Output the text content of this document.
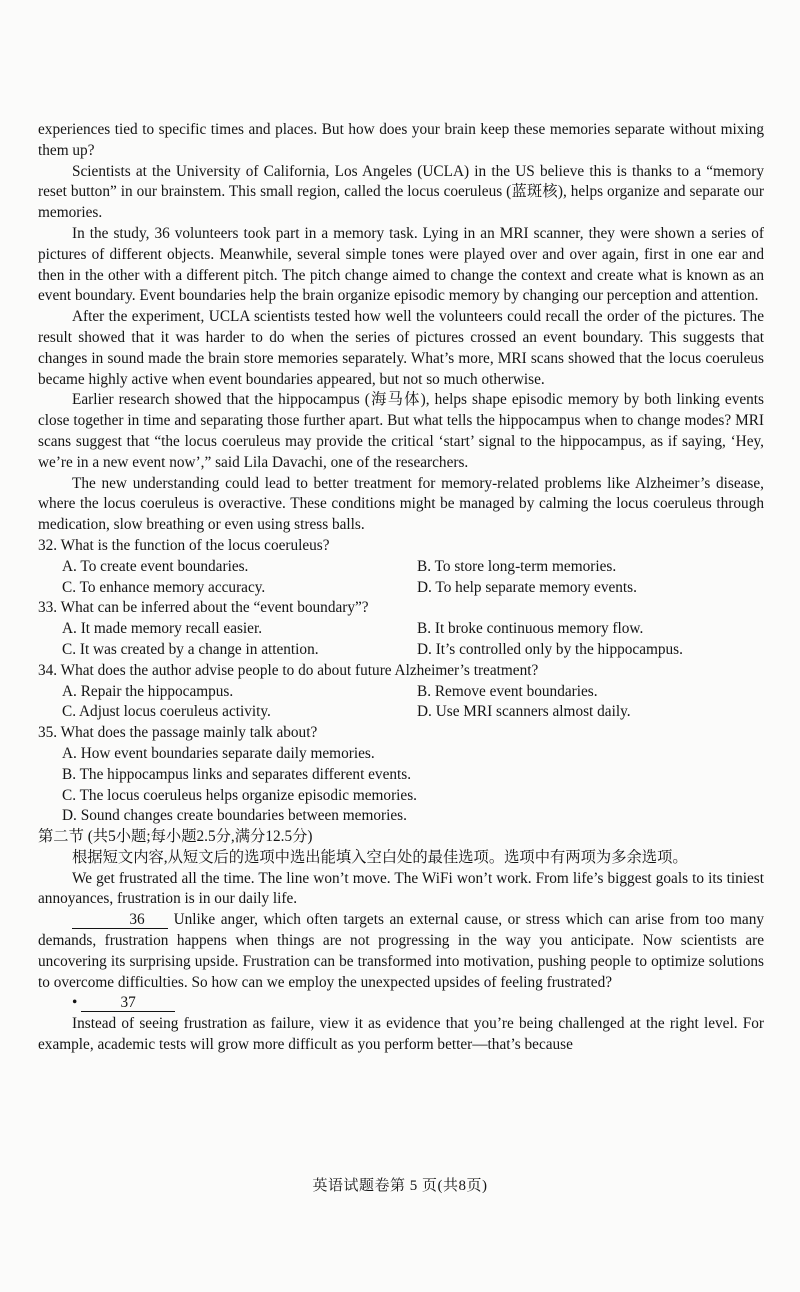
experiences tied to specific times and places. But how does your brain keep these memories separate without mixing them up?

Scientists at the University of California, Los Angeles (UCLA) in the US believe this is thanks to a “memory reset button” in our brainstem. This small region, called the locus coeruleus (蓝斑核), helps organize and separate our memories.

In the study, 36 volunteers took part in a memory task. Lying in an MRI scanner, they were shown a series of pictures of different objects. Meanwhile, several simple tones were played over and over again, first in one ear and then in the other with a different pitch. The pitch change aimed to change the context and create what is known as an event boundary. Event boundaries help the brain organize episodic memory by changing our perception and attention.

After the experiment, UCLA scientists tested how well the volunteers could recall the order of the pictures. The result showed that it was harder to do when the series of pictures crossed an event boundary. This suggests that changes in sound made the brain store memories separately. What’s more, MRI scans showed that the locus coeruleus became highly active when event boundaries appeared, but not so much otherwise.

Earlier research showed that the hippocampus (海马体), helps shape episodic memory by both linking events close together in time and separating those further apart. But what tells the hippocampus when to change modes? MRI scans suggest that “the locus coeruleus may provide the critical ‘start’ signal to the hippocampus, as if saying, ‘Hey, we’re in a new event now’,” said Lila Davachi, one of the researchers.

The new understanding could lead to better treatment for memory-related problems like Alzheimer’s disease, where the locus coeruleus is overactive. These conditions might be managed by calming the locus coeruleus through medication, slow breathing or even using stress balls.

32. What is the function of the locus coeruleus?
A. To create event boundaries.	B. To store long-term memories.
C. To enhance memory accuracy.	D. To help separate memory events.
33. What can be inferred about the “event boundary”?
A. It made memory recall easier.	B. It broke continuous memory flow.
C. It was created by a change in attention.	D. It’s controlled only by the hippocampus.
34. What does the author advise people to do about future Alzheimer’s treatment?
A. Repair the hippocampus.	B. Remove event boundaries.
C. Adjust locus coeruleus activity.	D. Use MRI scanners almost daily.
35. What does the passage mainly talk about?
A. How event boundaries separate daily memories.
B. The hippocampus links and separates different events.
C. The locus coeruleus helps organize episodic memories.
D. Sound changes create boundaries between memories.
第二节 (共5小题;每小题2.5分,满分12.5分)

根据短文内容,从短文后的选项中选出能填入空白处的最佳选项。选项中有两项为多余选项。

We get frustrated all the time. The line won’t move. The WiFi won’t work. From life’s biggest goals to its tiniest annoyances, frustration is in our daily life.

36 Unlike anger, which often targets an external cause, or stress which can arise from too many demands, frustration happens when things are not progressing in the way you anticipate. Now scientists are uncovering its surprising upside. Frustration can be transformed into motivation, pushing people to optimize solutions to overcome difficulties. So how can we employ the unexpected upsides of feeling frustrated?

•	37

Instead of seeing frustration as failure, view it as evidence that you’re being challenged at the right level. For example, academic tests will grow more difficult as you perform better—that’s because

英语试题卷第 5 页(共8页)
